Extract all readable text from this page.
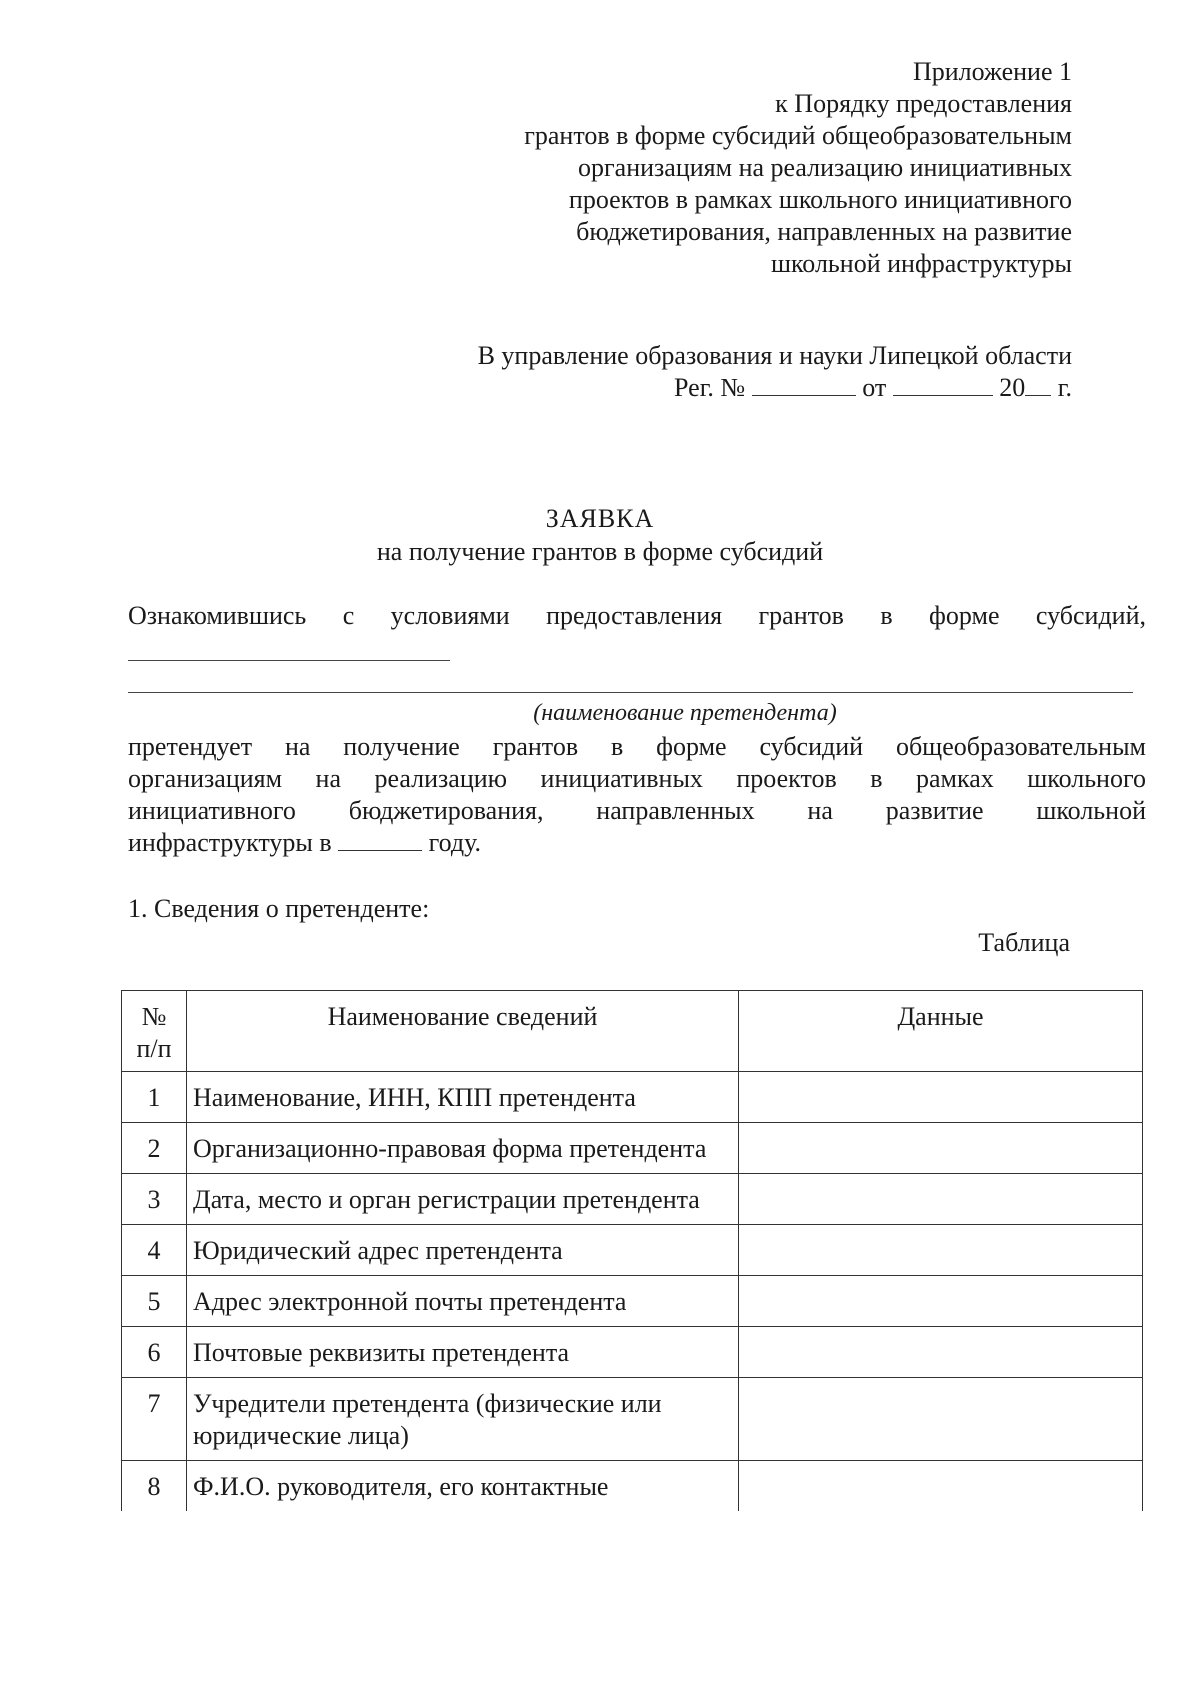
Приложение 1
к Порядку предоставления
грантов в форме субсидий общеобразовательным
организациям на реализацию инициативных
проектов в рамках школьного инициативного
бюджетирования, направленных на развитие
школьной инфраструктуры
В управление образования и науки Липецкой области
Рег. №	от	20 г.
ЗАЯВКА
на получение грантов в форме субсидий
Ознакомившись с условиями предоставления грантов в форме субсидий,
(наименование претендента)
претендует на получение грантов в форме субсидий общеобразовательным
организациям на реализацию инициативных проектов в рамках школьного
инициативного бюджетирования, направленных на развитие школьной
инфраструктуры в	году.
1. Сведения о претенденте:
Таблица
№
п/п	Наименование сведений	Данные
1	Наименование, ИНН, КПП претендента	
2	Организационно-правовая форма претендента	
3	Дата, место и орган регистрации претендента	
4	Юридический адрес претендента	
5	Адрес электронной почты претендента	
6	Почтовые реквизиты претендента	
7	Учредители претендента (физические или юридические лица)	
8	Ф.И.О. руководителя, его контактные	
